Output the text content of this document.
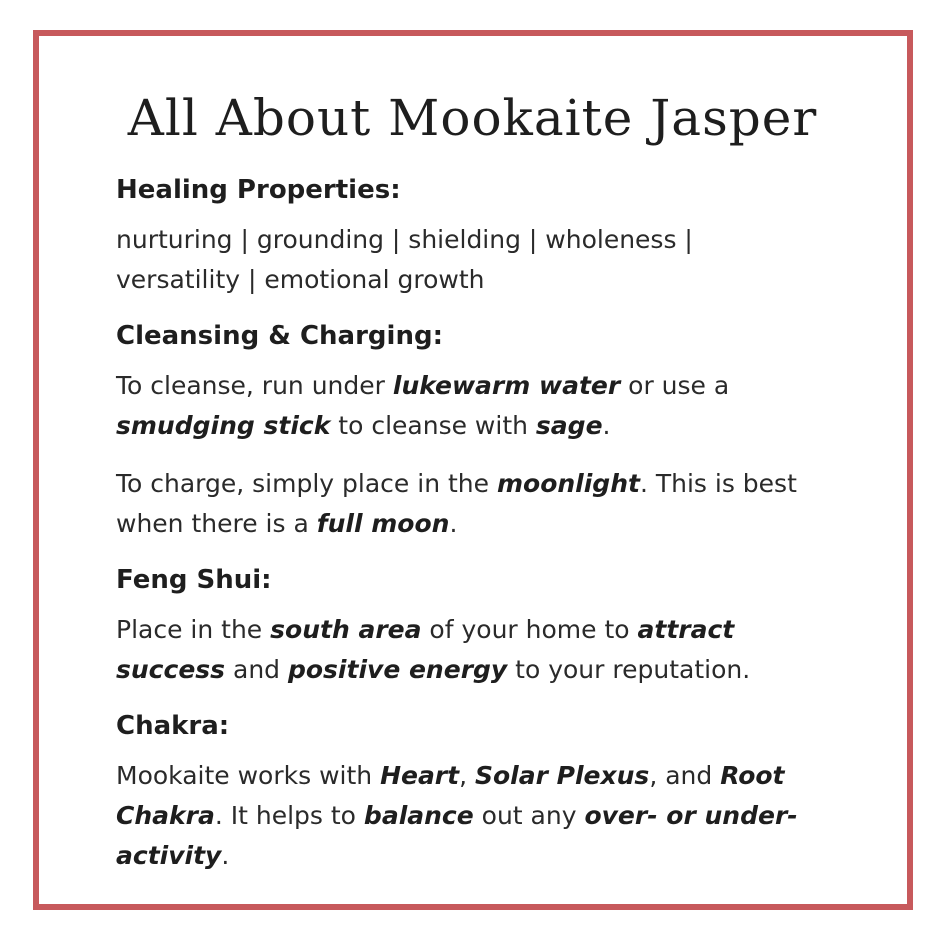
All About Mookaite Jasper

Healing Properties:

nurturing | grounding | shielding | wholeness |
versatility | emotional growth

Cleansing & Charging:

To cleanse, run under lukewarm water or use a
smudging stick to cleanse with sage.

To charge, simply place in the moonlight. This is best
when there is a full moon.

Feng Shui:

Place in the south area of your home to attract
success and positive energy to your reputation.

Chakra:

Mookaite works with Heart, Solar Plexus, and Root
Chakra. It helps to balance out any over- or under-
activity.
